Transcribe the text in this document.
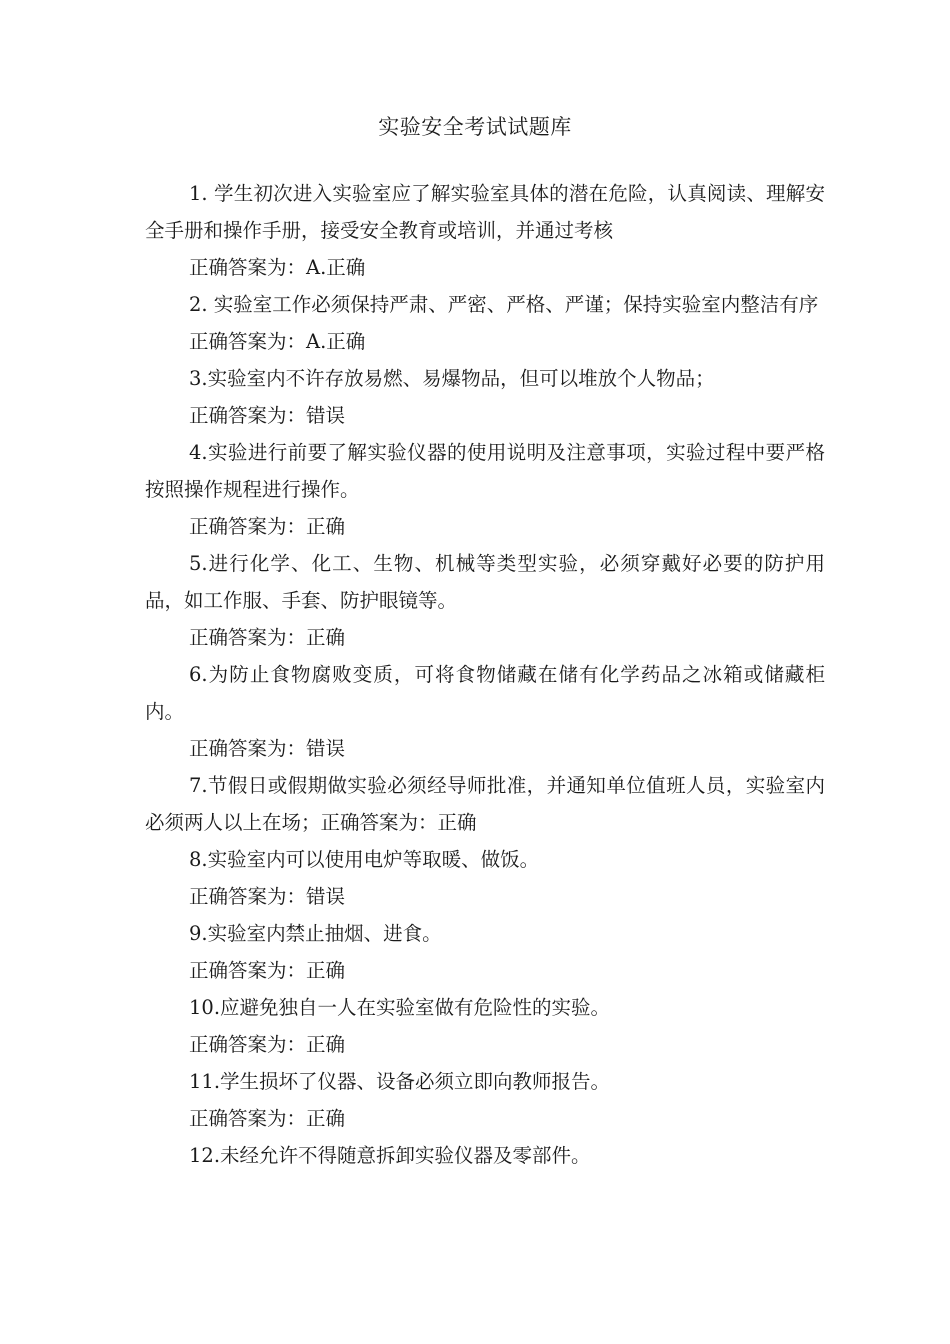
实验安全考试试题库

1. 学生初次进入实验室应了解实验室具体的潜在危险，认真阅读、理解安全手册和操作手册，接受安全教育或培训，并通过考核

正确答案为：A.正确

2. 实验室工作必须保持严肃、严密、严格、严谨；保持实验室内整洁有序

正确答案为：A.正确

3.实验室内不许存放易燃、易爆物品，但可以堆放个人物品；

正确答案为：错误

4.实验进行前要了解实验仪器的使用说明及注意事项，实验过程中要严格按照操作规程进行操作。

正确答案为：正确

5.进行化学、化工、生物、机械等类型实验，必须穿戴好必要的防护用品，如工作服、手套、防护眼镜等。

正确答案为：正确

6.为防止食物腐败变质，可将食物储藏在储有化学药品之冰箱或储藏柜内。

正确答案为：错误

7.节假日或假期做实验必须经导师批准，并通知单位值班人员，实验室内必须两人以上在场；正确答案为：正确

8.实验室内可以使用电炉等取暖、做饭。

正确答案为：错误

9.实验室内禁止抽烟、进食。

正确答案为：正确

10.应避免独自一人在实验室做有危险性的实验。

正确答案为：正确

11.学生损坏了仪器、设备必须立即向教师报告。

正确答案为：正确

12.未经允许不得随意拆卸实验仪器及零部件。
